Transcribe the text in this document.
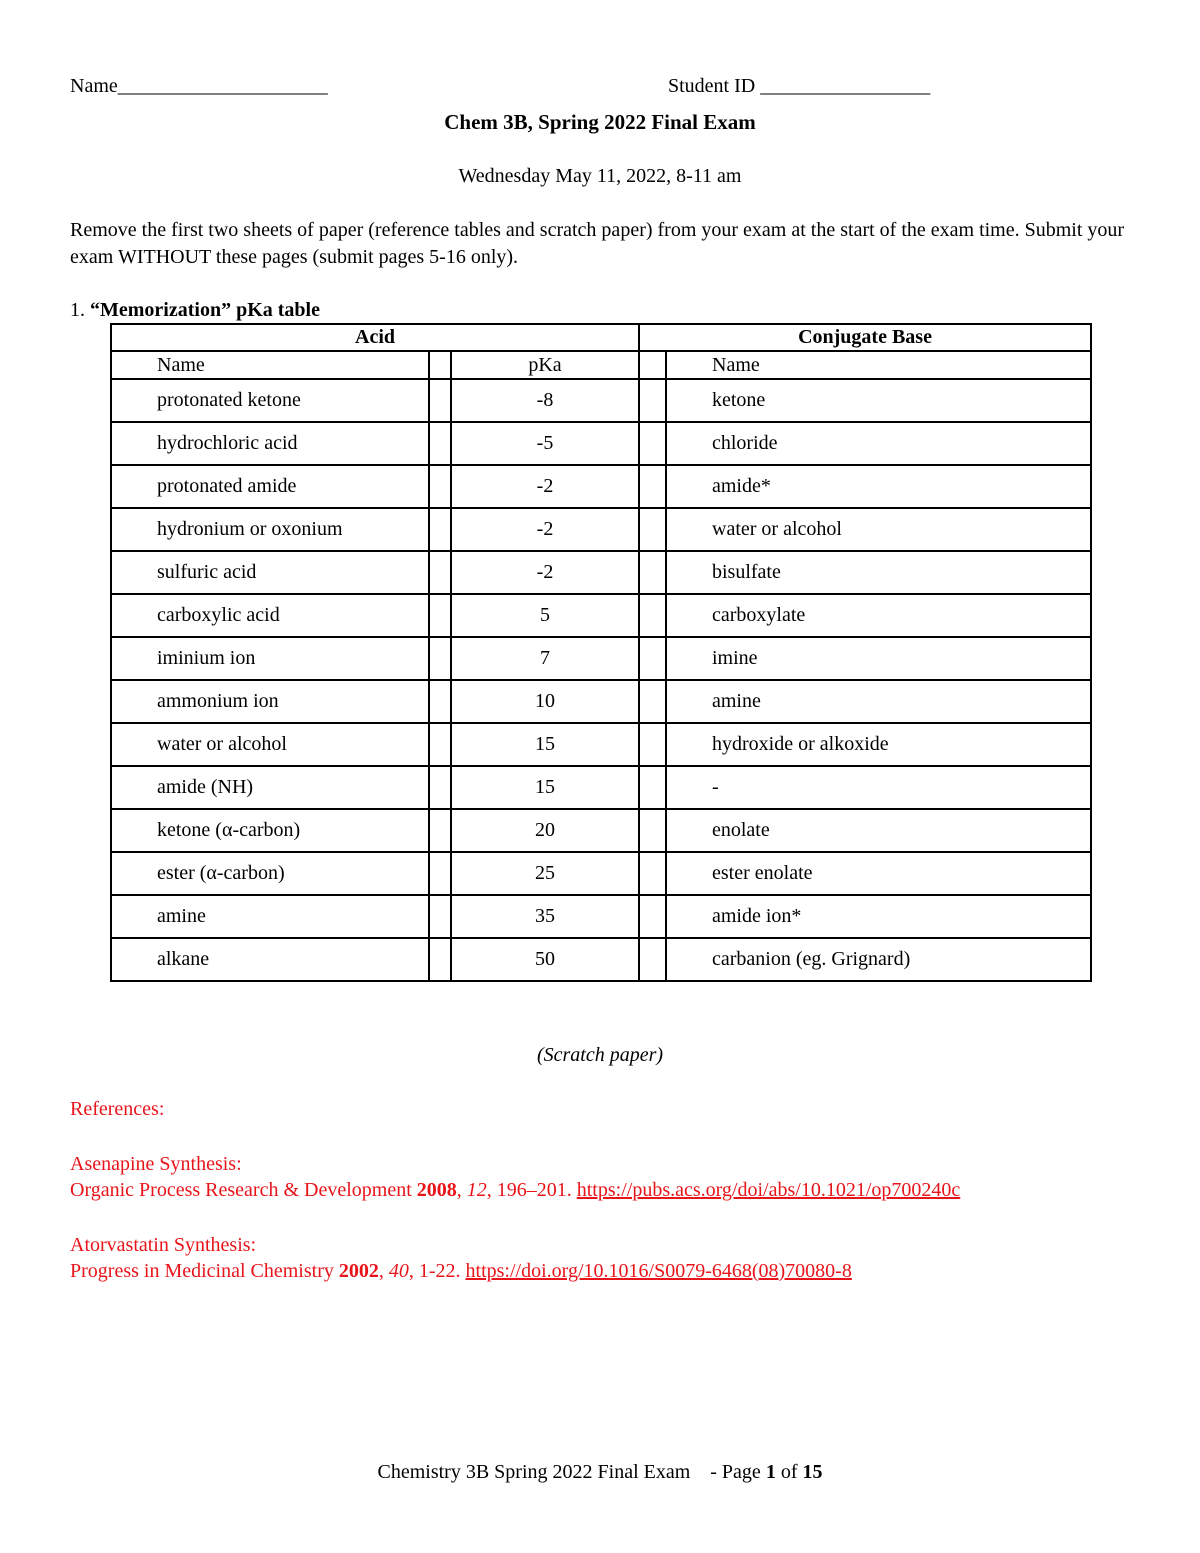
Name_____________________	Student ID _________________
Chem 3B, Spring 2022 Final Exam
Wednesday May 11, 2022, 8-11 am
Remove the first two sheets of paper (reference tables and scratch paper) from your exam at the start of the exam time. Submit your exam WITHOUT these pages (submit pages 5-16 only).
1. “Memorization” pKa table
Acid			Conjugate Base	
Name		pKa		Name
protonated ketone		-8		ketone
hydrochloric acid		-5		chloride
protonated amide		-2		amide*
hydronium or oxonium		-2		water or alcohol
sulfuric acid		-2		bisulfate
carboxylic acid		5		carboxylate
iminium ion		7		imine
ammonium ion		10		amine
water or alcohol		15		hydroxide or alkoxide
amide (NH)		15		-
ketone (α-carbon)		20		enolate
ester (α-carbon)		25		ester enolate
amine		35		amide ion*
alkane		50		carbanion (eg. Grignard)
(Scratch paper)
References:
Asenapine Synthesis:
Organic Process Research & Development 2008, 12, 196–201. https://pubs.acs.org/doi/abs/10.1021/op700240c
Atorvastatin Synthesis:
Progress in Medicinal Chemistry 2002, 40, 1-22. https://doi.org/10.1016/S0079-6468(08)70080-8
Chemistry 3B Spring 2022 Final Exam    - Page 1 of 15
